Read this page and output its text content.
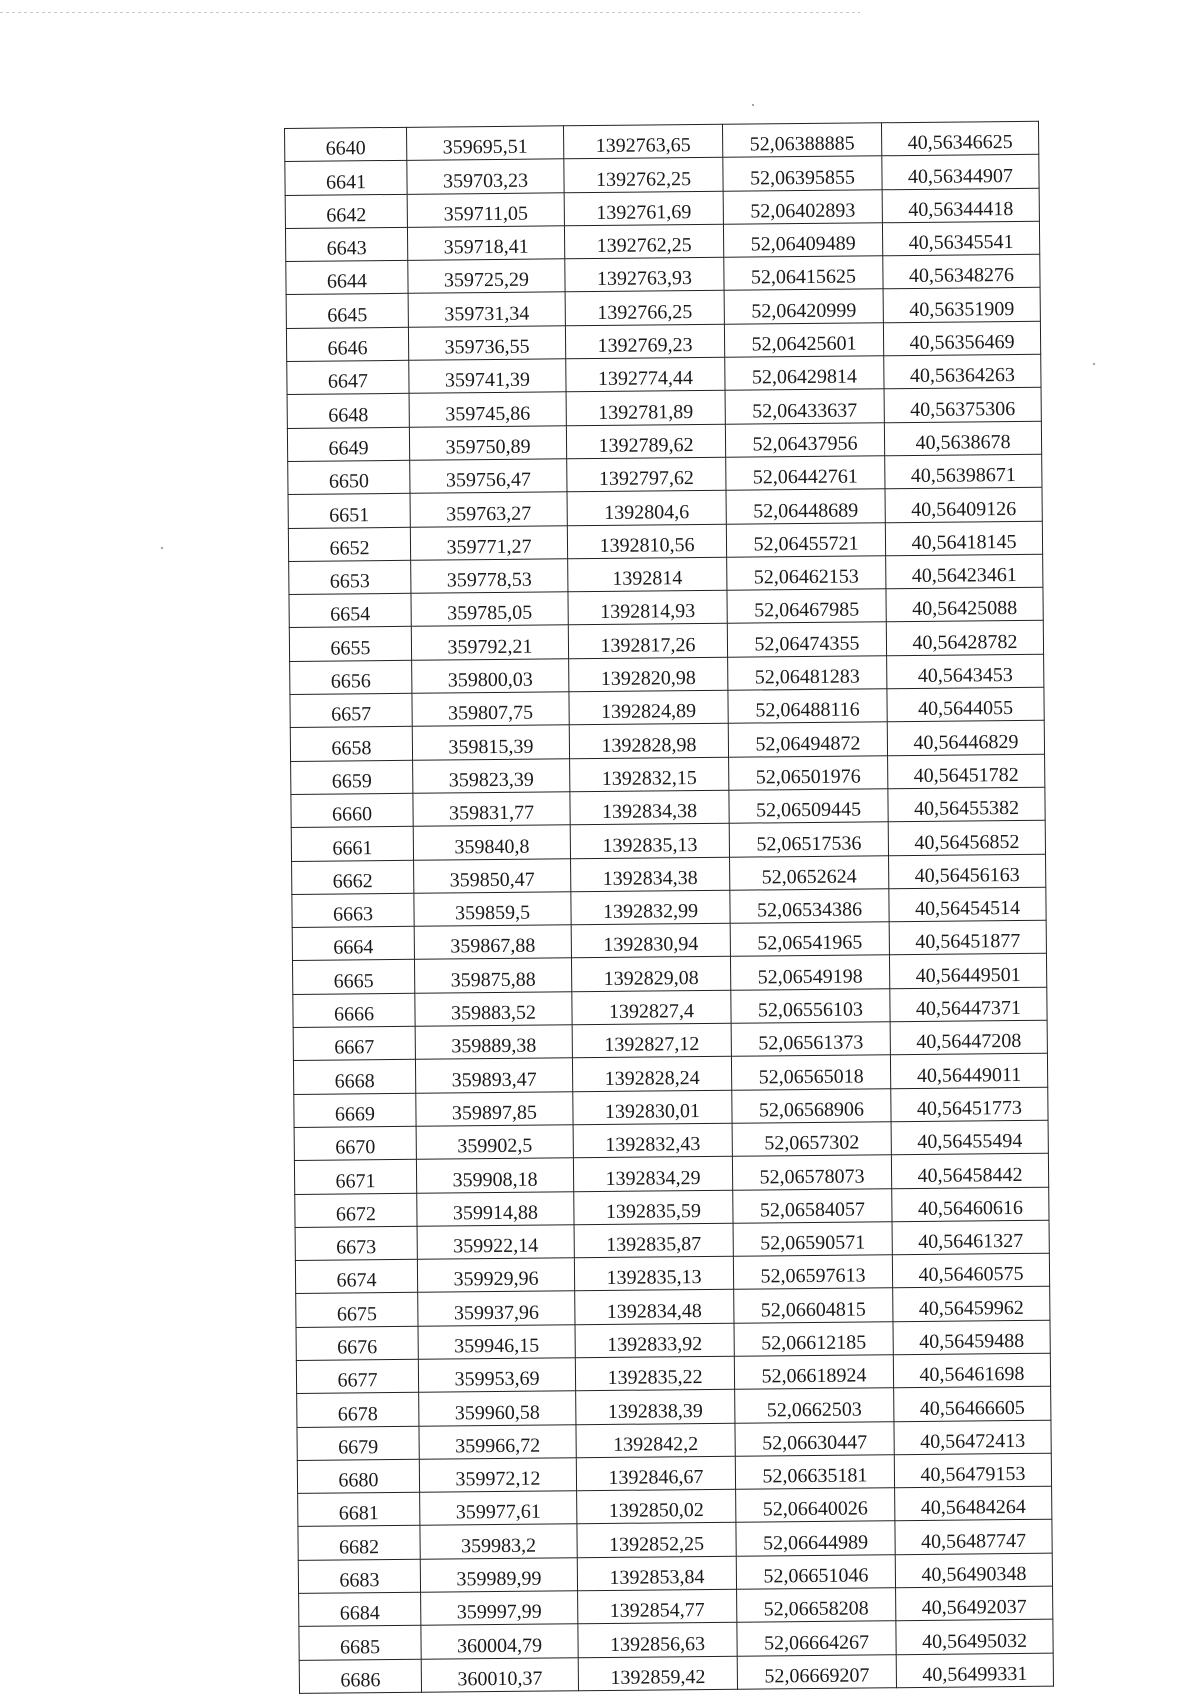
6640	359695,51	1392763,65	52,06388885	40,56346625
6641	359703,23	1392762,25	52,06395855	40,56344907
6642	359711,05	1392761,69	52,06402893	40,56344418
6643	359718,41	1392762,25	52,06409489	40,56345541
6644	359725,29	1392763,93	52,06415625	40,56348276
6645	359731,34	1392766,25	52,06420999	40,56351909
6646	359736,55	1392769,23	52,06425601	40,56356469
6647	359741,39	1392774,44	52,06429814	40,56364263
6648	359745,86	1392781,89	52,06433637	40,56375306
6649	359750,89	1392789,62	52,06437956	40,5638678
6650	359756,47	1392797,62	52,06442761	40,56398671
6651	359763,27	1392804,6	52,06448689	40,56409126
6652	359771,27	1392810,56	52,06455721	40,56418145
6653	359778,53	1392814	52,06462153	40,56423461
6654	359785,05	1392814,93	52,06467985	40,56425088
6655	359792,21	1392817,26	52,06474355	40,56428782
6656	359800,03	1392820,98	52,06481283	40,5643453
6657	359807,75	1392824,89	52,06488116	40,5644055
6658	359815,39	1392828,98	52,06494872	40,56446829
6659	359823,39	1392832,15	52,06501976	40,56451782
6660	359831,77	1392834,38	52,06509445	40,56455382
6661	359840,8	1392835,13	52,06517536	40,56456852
6662	359850,47	1392834,38	52,0652624	40,56456163
6663	359859,5	1392832,99	52,06534386	40,56454514
6664	359867,88	1392830,94	52,06541965	40,56451877
6665	359875,88	1392829,08	52,06549198	40,56449501
6666	359883,52	1392827,4	52,06556103	40,56447371
6667	359889,38	1392827,12	52,06561373	40,56447208
6668	359893,47	1392828,24	52,06565018	40,56449011
6669	359897,85	1392830,01	52,06568906	40,56451773
6670	359902,5	1392832,43	52,0657302	40,56455494
6671	359908,18	1392834,29	52,06578073	40,56458442
6672	359914,88	1392835,59	52,06584057	40,56460616
6673	359922,14	1392835,87	52,06590571	40,56461327
6674	359929,96	1392835,13	52,06597613	40,56460575
6675	359937,96	1392834,48	52,06604815	40,56459962
6676	359946,15	1392833,92	52,06612185	40,56459488
6677	359953,69	1392835,22	52,06618924	40,56461698
6678	359960,58	1392838,39	52,0662503	40,56466605
6679	359966,72	1392842,2	52,06630447	40,56472413
6680	359972,12	1392846,67	52,06635181	40,56479153
6681	359977,61	1392850,02	52,06640026	40,56484264
6682	359983,2	1392852,25	52,06644989	40,56487747
6683	359989,99	1392853,84	52,06651046	40,56490348
6684	359997,99	1392854,77	52,06658208	40,56492037
6685	360004,79	1392856,63	52,06664267	40,56495032
6686	360010,37	1392859,42	52,06669207	40,56499331
